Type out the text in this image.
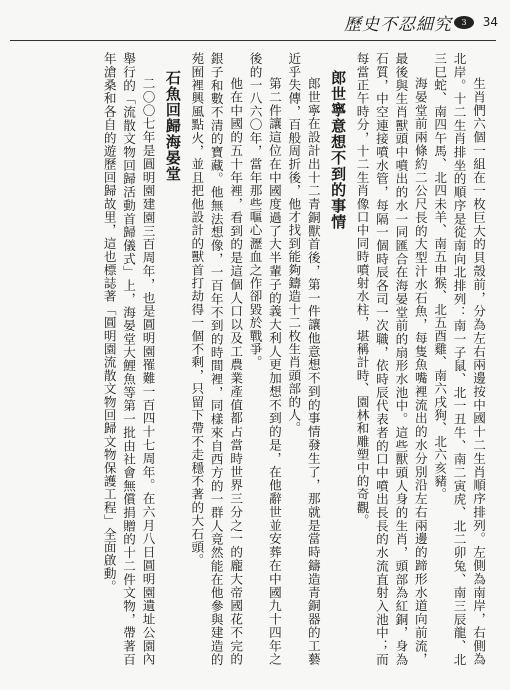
歷史不忍細究	3	34

生肖們六個一組在一枚巨大的貝殼前，分為左右兩邊按中國十二生肖順序排列。左側為南岸，右側為北岸。十二生肖排坐的順序是從南向北排列：南一子鼠、北一丑牛、南二寅虎、北二卯兔、南三辰龍、北三巳蛇、南四午馬、北四未羊、南五申猴、北五酉雞、南六戌狗、北六亥豬。

海晏堂前兩條約二公尺長的大型汁水石魚，每隻魚嘴裡流出的水分別沿左右兩邊的蹄形水道向前流，最後與生肖獸頭中噴出的水一同匯合在海晏堂前的扇形水池中。這些獸頭人身的生肖，頭部為紅銅，身為石質，中空連接噴水管，每隔一個時辰各司一次職，依時辰代表者的口中噴出長長的水流直射入池中；而每當正午時分，十二生肖像口中同時噴射水柱，堪稱計時、園林和雕塑中的奇觀。

郎世寧意想不到的事情

郎世寧在設計出十二青銅獸首後，第一件讓他意想不到的事情發生了，那就是當時鑄造青銅器的工藝近乎失傳，百般周折後，他才找到能夠鑄造十二枚生肖頭部的人。

第二件讓這位在中國度過了大半輩子的義大利人更加想不到的是，在他辭世並安葬在中國九十四年之後的一八六〇年，當年那些嘔心瀝血之作卻毀於戰爭。

他在中國的五十年裡，看到的是這個人口以及工農業產值都占當時世界三分之一的龐大帝國花不完的銀子和數不清的寶藏。他無法想像，一百年不到的時間裡，同樣來自西方的一群人竟然能在他參與建造的苑囿裡興風點火，並且把他設計的獸首打劫得一個不剩，只留下帶不走穩不著的大石頭。

石魚回歸海晏堂

二〇〇七年是圓明園建園三百周年，也是圓明園罹難一百四十七周年。在六月八日圓明園遺址公園內舉行的「流散文物回歸活動首歸儀式」上，海晏堂大鯉魚等第一批由社會無償捐贈的十二件文物，帶著百年滄桑和各自的遊歷回歸故里，這也標誌著「圓明園流散文物回歸文物保護工程」全面啟動。
